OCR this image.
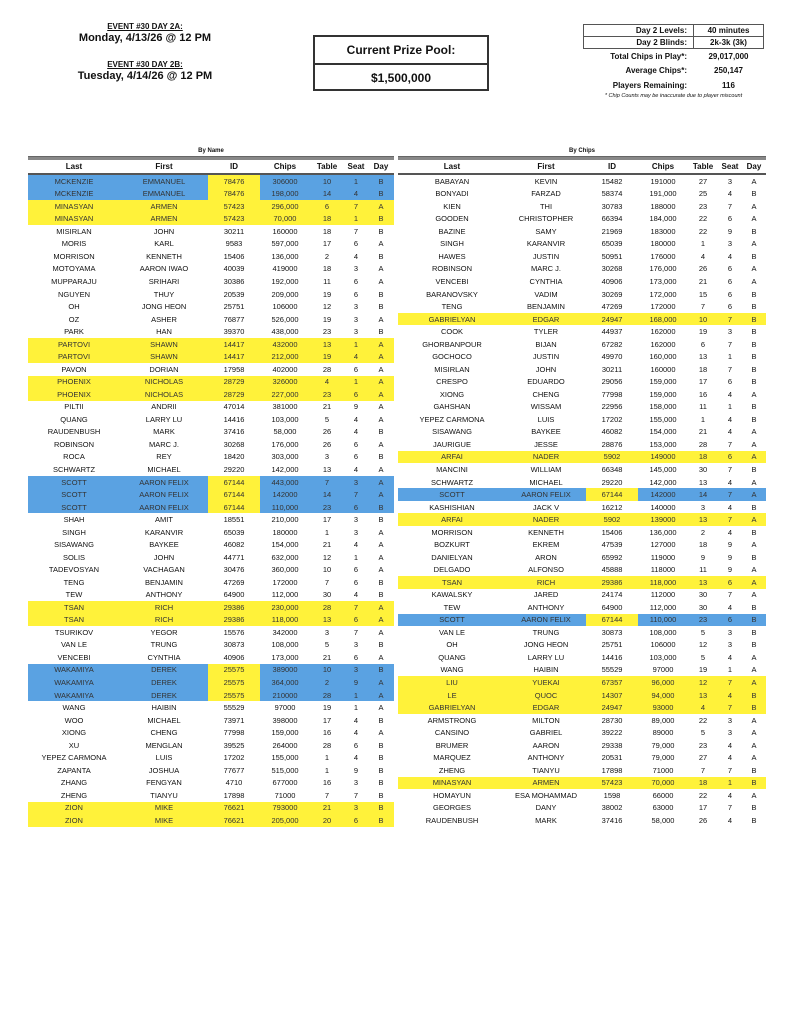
EVENT #30 DAY 2A:
Monday, 4/13/26 @ 12 PM
EVENT #30 DAY 2B:
Tuesday, 4/14/26 @ 12 PM
Current Prize Pool:
$1,500,000
Day 2 Levels:	40 minutes
Day 2 Blinds:	2k-3k (3k)
Total Chips in Play*:	29,017,000
Average Chips*:	250,147
Players Remaining:	116
* Chip Counts may be inaccurate due to player miscount
By Name
Last	First	ID	Chips	Table	Seat	Day
MCKENZIE	EMMANUEL	78476	306000	10	1	B
MCKENZIE	EMMANUEL	78476	198,000	14	4	B
MINASYAN	ARMEN	57423	296,000	6	7	A
MINASYAN	ARMEN	57423	70,000	18	1	B
MISIRLAN	JOHN	30211	160000	18	7	B
MORIS	KARL	9583	597,000	17	6	A
MORRISON	KENNETH	15406	136,000	2	4	B
MOTOYAMA	AARON IWAO	40039	419000	18	3	A
MUPPARAJU	SRIHARI	30386	192,000	11	6	A
NGUYEN	THUY	20539	209,000	19	6	B
OH	JONG HEON	25751	106000	12	3	B
OZ	ASHER	76877	526,000	19	3	A
PARK	HAN	39370	438,000	23	3	B
PARTOVI	SHAWN	14417	432000	13	1	A
PARTOVI	SHAWN	14417	212,000	19	4	A
PAVON	DORIAN	17958	402000	28	6	A
PHOENIX	NICHOLAS	28729	326000	4	1	A
PHOENIX	NICHOLAS	28729	227,000	23	6	A
PILTII	ANDRII	47014	381000	21	9	A
QUANG	LARRY LU	14416	103,000	5	4	A
RAUDENBUSH	MARK	37416	58,000	26	4	B
ROBINSON	MARC J.	30268	176,000	26	6	A
ROCA	REY	18420	303,000	3	6	B
SCHWARTZ	MICHAEL	29220	142,000	13	4	A
SCOTT	AARON FELIX	67144	443,000	7	3	A
SCOTT	AARON FELIX	67144	142000	14	7	A
SCOTT	AARON FELIX	67144	110,000	23	6	B
SHAH	AMIT	18551	210,000	17	3	B
SINGH	KARANVIR	65039	180000	1	3	A
SISAWANG	BAYKEE	46082	154,000	21	4	A
SOLIS	JOHN	44771	632,000	12	1	A
TADEVOSYAN	VACHAGAN	30476	360,000	10	6	A
TENG	BENJAMIN	47269	172000	7	6	B
TEW	ANTHONY	64900	112,000	30	4	B
TSAN	RICH	29386	230,000	28	7	A
TSAN	RICH	29386	118,000	13	6	A
TSURIKOV	YEGOR	15576	342000	3	7	A
VAN LE	TRUNG	30873	108,000	5	3	B
VENCEBI	CYNTHIA	40906	173,000	21	6	A
WAKAMIYA	DEREK	25575	389000	10	3	B
WAKAMIYA	DEREK	25575	364,000	2	9	A
WAKAMIYA	DEREK	25575	210000	28	1	A
WANG	HAIBIN	55529	97000	19	1	A
WOO	MICHAEL	73971	398000	17	4	B
XIONG	CHENG	77998	159,000	16	4	A
XU	MENGLAN	39525	264000	28	6	B
YEPEZ CARMONA	LUIS	17202	155,000	1	4	B
ZAPANTA	JOSHUA	77677	515,000	1	9	B
ZHANG	FENGYAN	4710	677000	16	3	B
ZHENG	TIANYU	17898	71000	7	7	B
ZION	MIKE	76621	793000	21	3	B
ZION	MIKE	76621	205,000	20	6	B
By Chips
Last	First	ID	Chips	Table	Seat	Day
BABAYAN	KEVIN	15482	191000	27	3	A
BONYADI	FARZAD	58374	191,000	25	4	B
KIEN	THI	30783	188000	23	7	A
GOODEN	CHRISTOPHER	66394	184,000	22	6	A
BAZINE	SAMY	21969	183000	22	9	B
SINGH	KARANVIR	65039	180000	1	3	A
HAWES	JUSTIN	50951	176000	4	4	B
ROBINSON	MARC J.	30268	176,000	26	6	A
VENCEBI	CYNTHIA	40906	173,000	21	6	A
BARANOVSKY	VADIM	30269	172,000	15	6	B
TENG	BENJAMIN	47269	172000	7	6	B
GABRIELYAN	EDGAR	24947	168,000	10	7	B
COOK	TYLER	44937	162000	19	3	B
GHORBANPOUR	BIJAN	67282	162000	6	7	B
GOCHOCO	JUSTIN	49970	160,000	13	1	B
MISIRLAN	JOHN	30211	160000	18	7	B
CRESPO	EDUARDO	29056	159,000	17	6	B
XIONG	CHENG	77998	159,000	16	4	A
GAHSHAN	WISSAM	22956	158,000	11	1	B
YEPEZ CARMONA	LUIS	17202	155,000	1	4	B
SISAWANG	BAYKEE	46082	154,000	21	4	A
JAURIGUE	JESSE	28876	153,000	28	7	A
ARFAI	NADER	5902	149000	18	6	A
MANCINI	WILLIAM	66348	145,000	30	7	B
SCHWARTZ	MICHAEL	29220	142,000	13	4	A
SCOTT	AARON FELIX	67144	142000	14	7	A
KASHISHIAN	JACK V	16212	140000	3	4	B
ARFAI	NADER	5902	139000	13	7	A
MORRISON	KENNETH	15406	136,000	2	4	B
BOZKURT	EKREM	47539	127000	18	9	A
DANIELYAN	ARON	65992	119000	9	9	B
DELGADO	ALFONSO	45888	118000	11	9	A
TSAN	RICH	29386	118,000	13	6	A
KAWALSKY	JARED	24174	112000	30	7	A
TEW	ANTHONY	64900	112,000	30	4	B
SCOTT	AARON FELIX	67144	110,000	23	6	B
VAN LE	TRUNG	30873	108,000	5	3	B
OH	JONG HEON	25751	106000	12	3	B
QUANG	LARRY LU	14416	103,000	5	4	A
WANG	HAIBIN	55529	97000	19	1	A
LIU	YUEKAI	67357	96,000	12	7	A
LE	QUOC	14307	94,000	13	4	B
GABRIELYAN	EDGAR	24947	93000	4	7	B
ARMSTRONG	MILTON	28730	89,000	22	3	A
CANSINO	GABRIEL	39222	89000	5	3	A
BRUMER	AARON	29338	79,000	23	4	A
MARQUEZ	ANTHONY	20531	79,000	27	4	A
ZHENG	TIANYU	17898	71000	7	7	B
MINASYAN	ARMEN	57423	70,000	18	1	B
HOMAYUN	ESA MOHAMMAD	1598	66000	22	4	A
GEORGES	DANY	38002	63000	17	7	B
RAUDENBUSH	MARK	37416	58,000	26	4	B
